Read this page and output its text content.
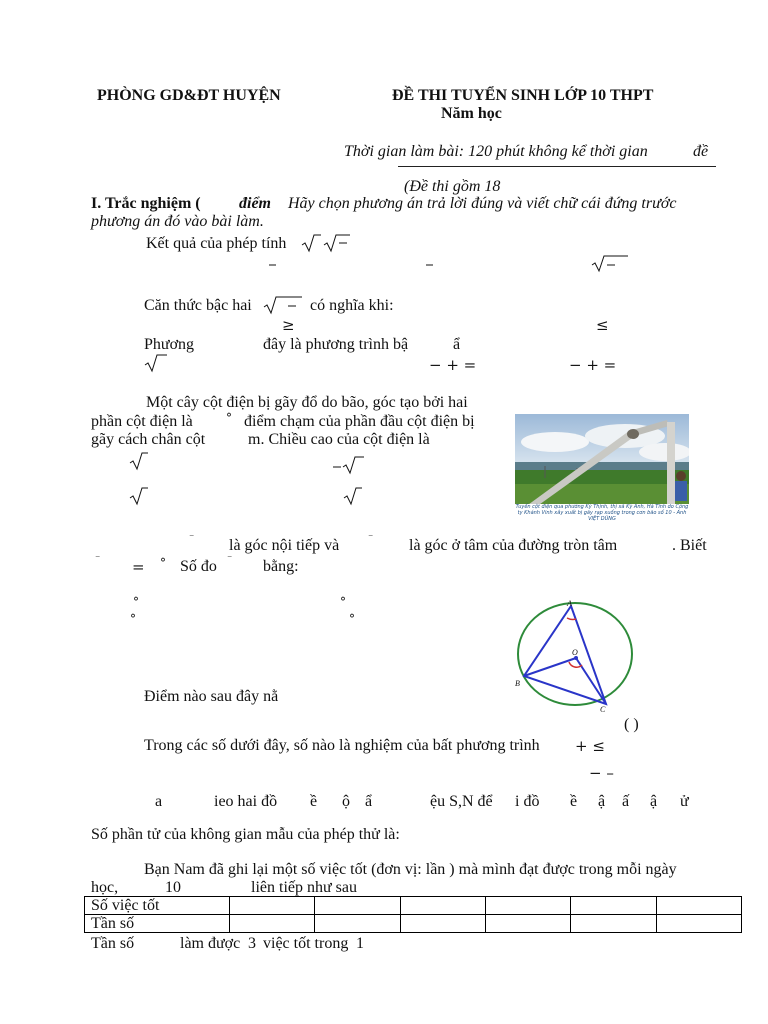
PHÒNG GD&ĐT HUYỆN	ĐỀ THI TUYỂN SINH LỚP 10 THPT
Năm học
Thời gian làm bài: 120 phút không kể thời gian	đề
(Đề thi gồm 18
I. Trắc nghiệm ( điểm Hãy chọn phương án trả lời đúng và viết chữ cái đứng trước
phương án đó vào bài làm.
Kết quả của phép tính
Căn thức bậc hai	có nghĩa khi:
≥	≤
Phương	đây là phương trình bậ	ẩ
− + =	− + =
Một cây cột điện bị gãy đổ do bão, góc tạo bởi hai
phần cột điện là	° điểm chạm của phần đầu cột điện bị
gãy cách chân cột	m. Chiều cao của cột điện là
Tuyến cột điện qua phường Kỳ Thịnh, thị xã Kỳ Anh, Hà Tĩnh do Công ty Khánh Vinh xây xuất bị gãy rạp xuống trong cơn bão số 10 - Ảnh VIỆT DŨNG
‾ là góc nội tiếp và	‾ là góc ở tâm của đường tròn tâm	. Biết
‾ = ° Số đo ‾ bằng:
°	°
°	°
A
B
C
O
Điểm nào sau đây nằ
( )
Trong các số dưới đây, số nào là nghiệm của bất phương trình + ≤
− –
a	ieo hai đồ ề ộ ẩ	ệu S,N để i đồ ề ậ ấ ậ ử
Số phần tử của không gian mẫu của phép thử là:
Bạn Nam đã ghi lại một số việc tốt (đơn vị: lần ) mà mình đạt được trong mỗi ngày
học,	10	liên tiếp như sau
Số việc tốt						
Tần số						
Tần số	làm được 3 việc tốt trong 1
